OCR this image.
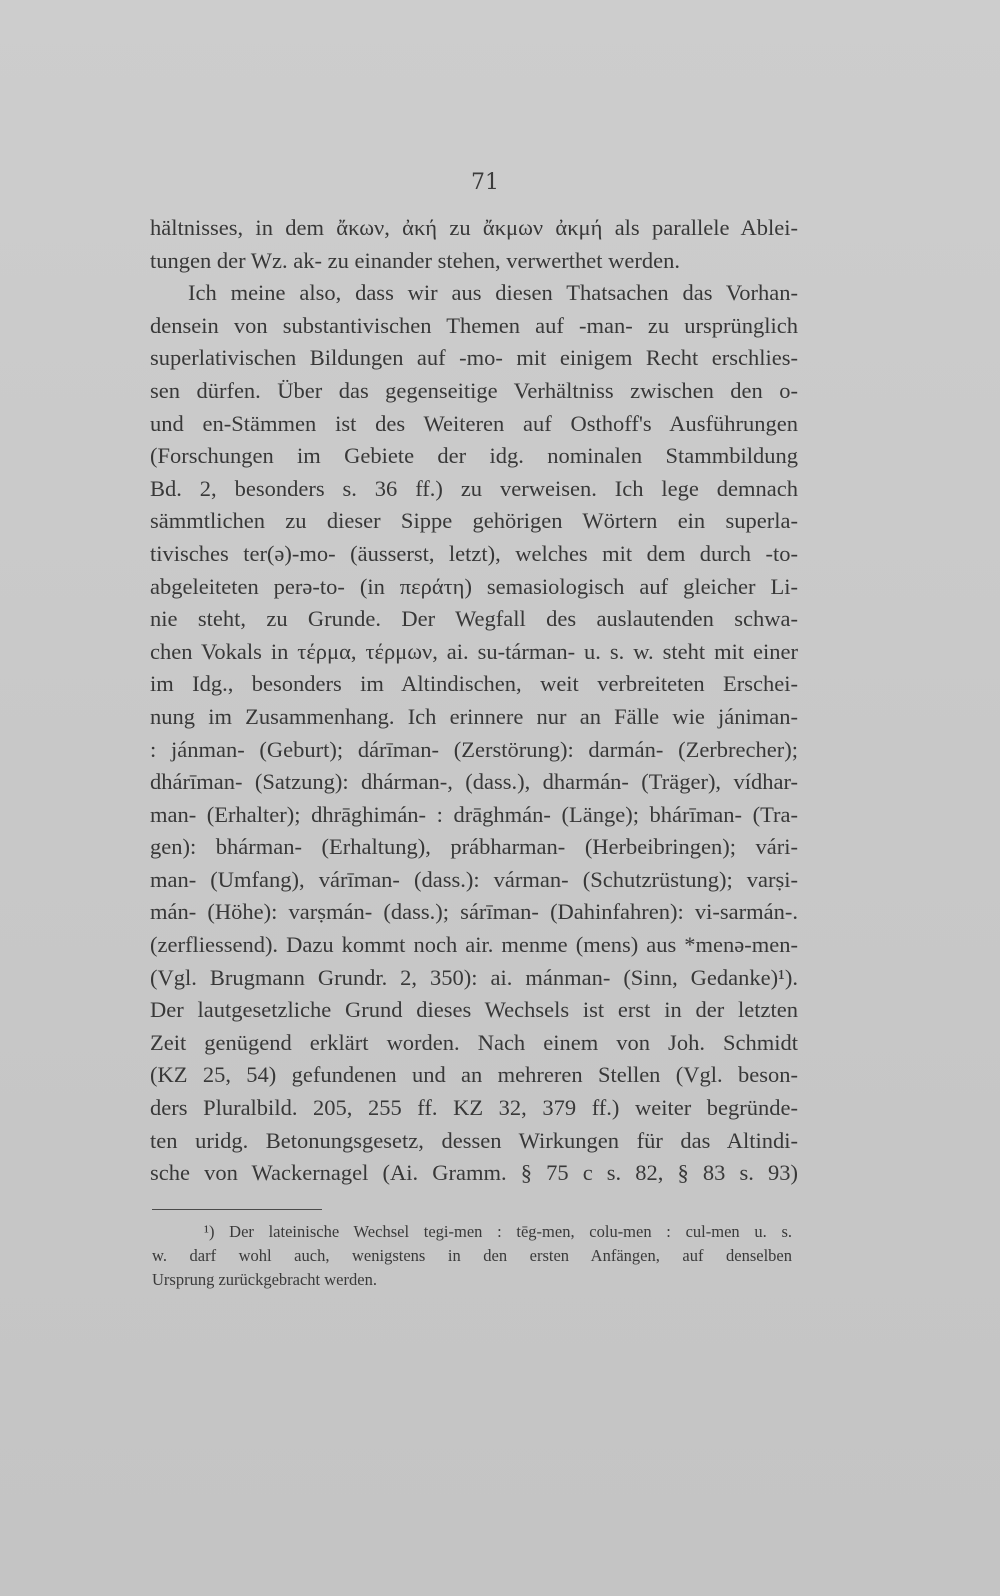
71
hältnisses, in dem ἄκων, ἀκή zu ἄκμων ἀκμή als parallele Ablei-
tungen der Wz. ak- zu einander stehen, verwerthet werden.
Ich meine also, dass wir aus diesen Thatsachen das Vorhan-
densein von substantivischen Themen auf -man- zu ursprünglich
superlativischen Bildungen auf -mo- mit einigem Recht erschlies-
sen dürfen. Über das gegenseitige Verhältniss zwischen den o-
und en-Stämmen ist des Weiteren auf Osthoff's Ausführungen
(Forschungen im Gebiete der idg. nominalen Stammbildung
Bd. 2, besonders s. 36 ff.) zu verweisen. Ich lege demnach
sämmtlichen zu dieser Sippe gehörigen Wörtern ein superla-
tivisches ter(ə)-mo- (äusserst, letzt), welches mit dem durch -to-
abgeleiteten perə-to- (in περάτη) semasiologisch auf gleicher Li-
nie steht, zu Grunde. Der Wegfall des auslautenden schwa-
chen Vokals in τέρμα, τέρμων, ai. su-tárman- u. s. w. steht mit einer
im Idg., besonders im Altindischen, weit verbreiteten Erschei-
nung im Zusammenhang. Ich erinnere nur an Fälle wie jániman-
: jánman- (Geburt); dárīman- (Zerstörung): darmán- (Zerbrecher);
dhárīman- (Satzung): dhárman-, (dass.), dharmán- (Träger), vídhar-
man- (Erhalter); dhrāghimán- : drāghmán- (Länge); bhárīman- (Tra-
gen): bhárman- (Erhaltung), prábharman- (Herbeibringen); vári-
man- (Umfang), várīman- (dass.): várman- (Schutzrüstung); varṣi-
mán- (Höhe): varṣmán- (dass.); sárīman- (Dahinfahren): vi-sarmán-.
(zerfliessend). Dazu kommt noch air. menme (mens) aus *menə-men-
(Vgl. Brugmann Grundr. 2, 350): ai. mánman- (Sinn, Gedanke)¹).
Der lautgesetzliche Grund dieses Wechsels ist erst in der letzten
Zeit genügend erklärt worden. Nach einem von Joh. Schmidt
(KZ 25, 54) gefundenen und an mehreren Stellen (Vgl. beson-
ders Pluralbild. 205, 255 ff. KZ 32, 379 ff.) weiter begründe-
ten uridg. Betonungsgesetz, dessen Wirkungen für das Altindi-
sche von Wackernagel (Ai. Gramm. § 75 c s. 82, § 83 s. 93)
¹) Der lateinische Wechsel tegi-men : tēg-men, colu-men : cul-men u. s.
w. darf wohl auch, wenigstens in den ersten Anfängen, auf denselben
Ursprung zurückgebracht werden.
